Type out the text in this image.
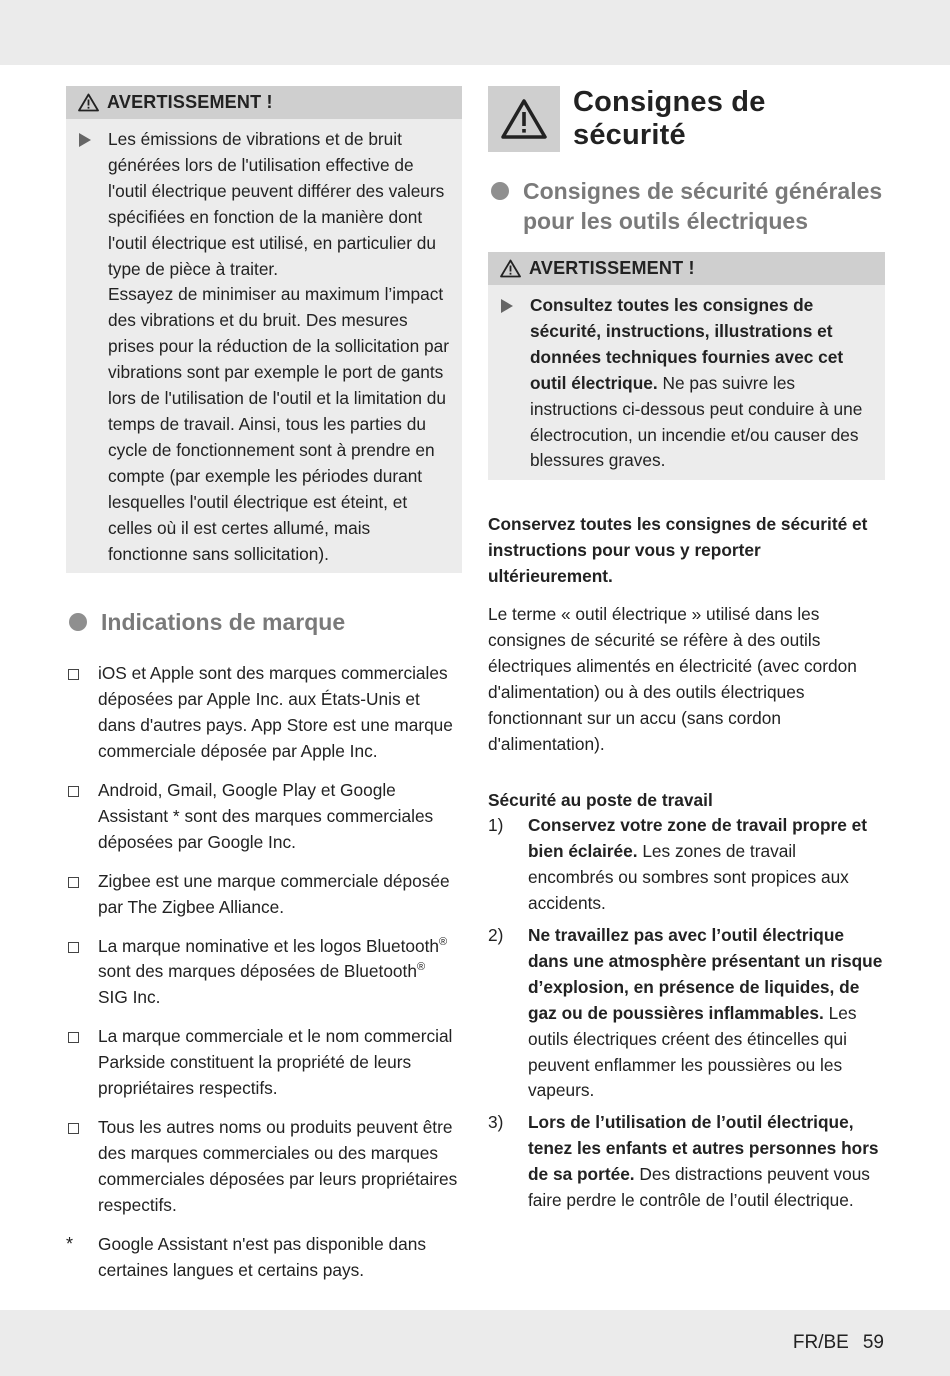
AVERTISSEMENT !

Les émissions de vibrations et de bruit générées lors de l'utilisation effective de l'outil électrique peuvent différer des valeurs spécifiées en fonction de la manière dont l'outil électrique est utilisé, en particulier du type de pièce à traiter.

Essayez de minimiser au maximum l’impact des vibrations et du bruit. Des mesures prises pour la réduction de la sollicitation par vibrations sont par exemple le port de gants lors de l'utilisation de l'outil et la limitation du temps de travail. Ainsi, tous les parties du cycle de fonctionnement sont à prendre en compte (par exemple les périodes durant lesquelles l'outil électrique est éteint, et celles où il est certes allumé, mais fonctionne sans sollicitation).

Indications de marque
iOS et Apple sont des marques commerciales déposées par Apple Inc. aux États-Unis et dans d'autres pays. App Store est une marque commerciale déposée par Apple Inc.
Android, Gmail, Google Play et Google Assistant * sont des marques commerciales déposées par Google Inc.
Zigbee est une marque commerciale déposée par The Zigbee Alliance.
La marque nominative et les logos Bluetooth® sont des marques déposées de Bluetooth®
SIG Inc.
La marque commerciale et le nom commercial Parkside constituent la propriété de leurs propriétaires respectifs.
Tous les autres noms ou produits peuvent être des marques commerciales ou des marques commerciales déposées par leurs propriétaires respectifs.
* Google Assistant n'est pas disponible dans certaines langues et certains pays.
Consignes de sécurité
Consignes de sécurité générales pour les outils électriques
AVERTISSEMENT !

Consultez toutes les consignes de sécurité, instructions, illustrations et données techniques fournies avec cet outil électrique. Ne pas suivre les instructions ci-dessous peut conduire à une électrocution, un incendie et/ou causer des blessures graves.

Conservez toutes les consignes de sécurité et instructions pour vous y reporter ultérieurement.

Le terme « outil électrique » utilisé dans les consignes de sécurité se réfère à des outils électriques alimentés en électricité (avec cordon d'alimentation) ou à des outils électriques fonctionnant sur un accu (sans cordon d'alimentation).

Sécurité au poste de travail
1)	Conservez votre zone de travail propre et bien éclairée. Les zones de travail encombrés ou sombres sont propices aux accidents.
2)	Ne travaillez pas avec l’outil électrique dans une atmosphère présentant un risque d’explosion, en présence de liquides, de gaz ou de poussières inflammables. Les outils électriques créent des étincelles qui peuvent enflammer les poussières ou les vapeurs.
3)	Lors de l’utilisation de l’outil électrique, tenez les enfants et autres personnes hors de sa portée. Des distractions peuvent vous faire perdre le contrôle de l’outil électrique.
FR/BE 59
